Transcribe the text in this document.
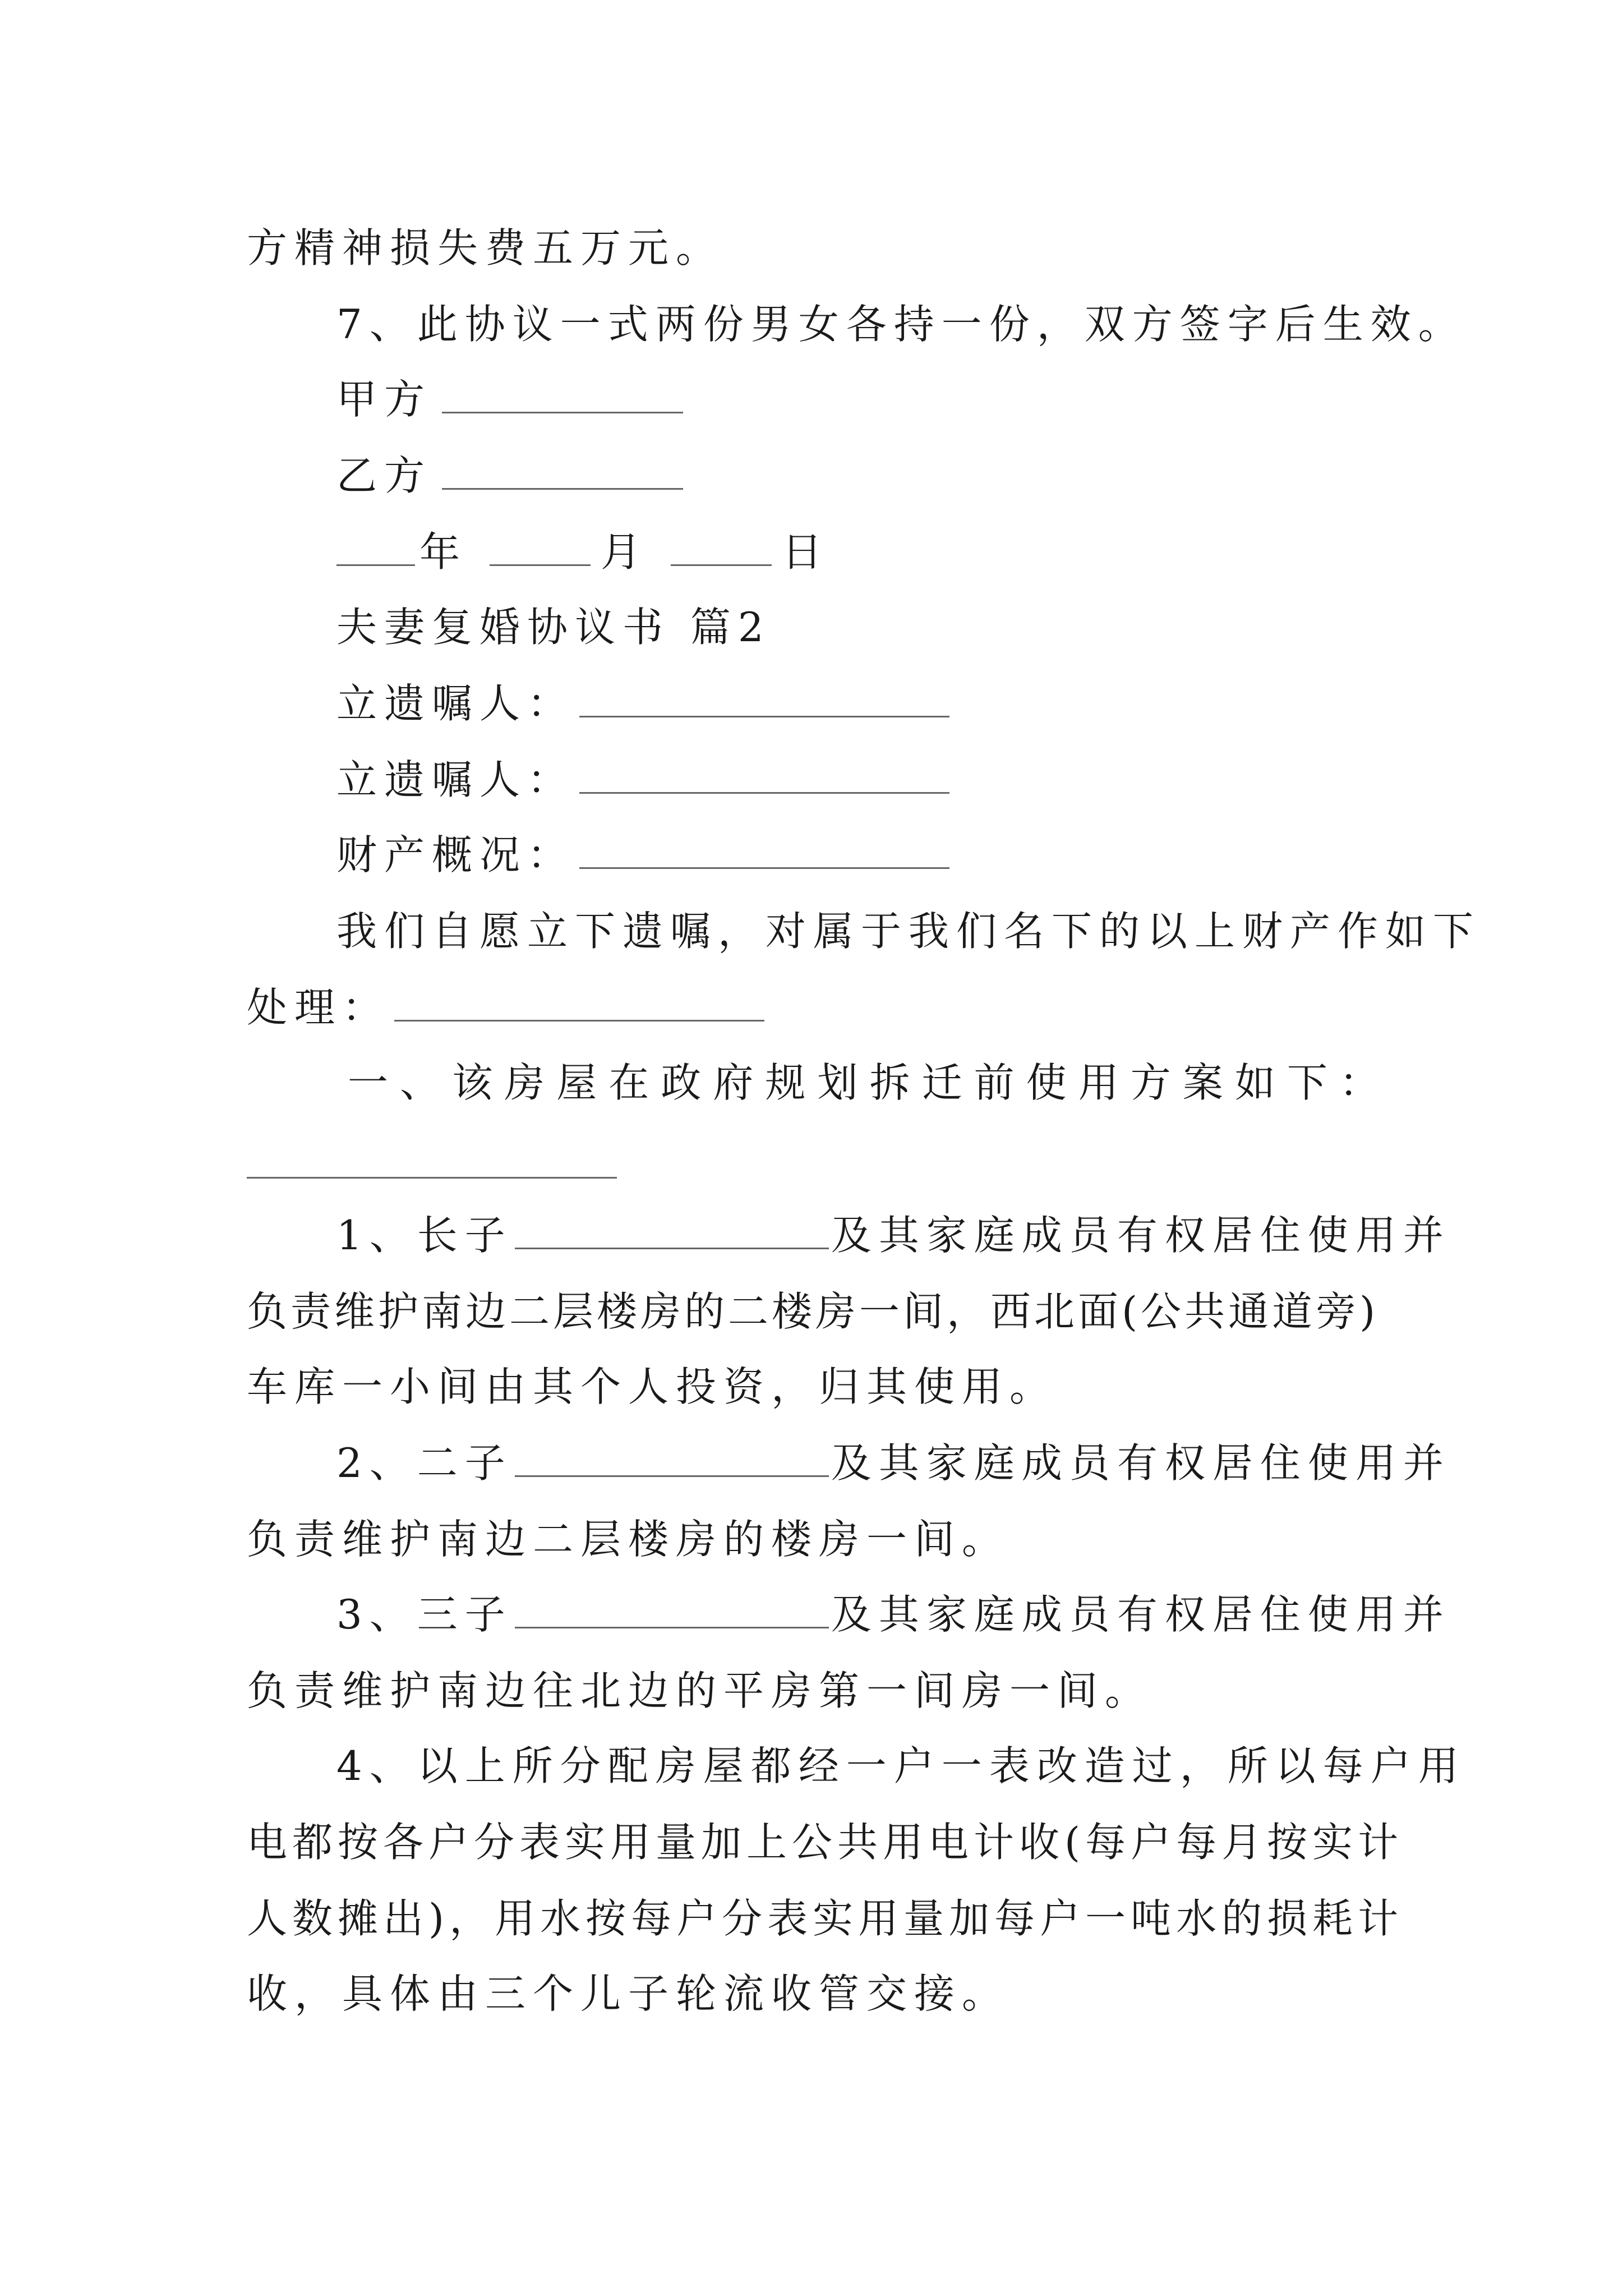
方精神损失费五万元。
7、此协议一式两份男女各持一份，双方签字后生效。
甲方
乙方
年	月	日
夫妻复婚协议书 篇2
立遗嘱人：
立遗嘱人：
财产概况：
我们自愿立下遗嘱，对属于我们名下的以上财产作如下
处理：
一、该房屋在政府规划拆迁前使用方案如下：
1、长子	及其家庭成员有权居住使用并
负责维护南边二层楼房的二楼房一间，西北面(公共通道旁)
车库一小间由其个人投资，归其使用。
2、二子	及其家庭成员有权居住使用并
负责维护南边二层楼房的楼房一间。
3、三子	及其家庭成员有权居住使用并
负责维护南边往北边的平房第一间房一间。
4、以上所分配房屋都经一户一表改造过，所以每户用
电都按各户分表实用量加上公共用电计收(每户每月按实计
人数摊出)，用水按每户分表实用量加每户一吨水的损耗计
收，具体由三个儿子轮流收管交接。
